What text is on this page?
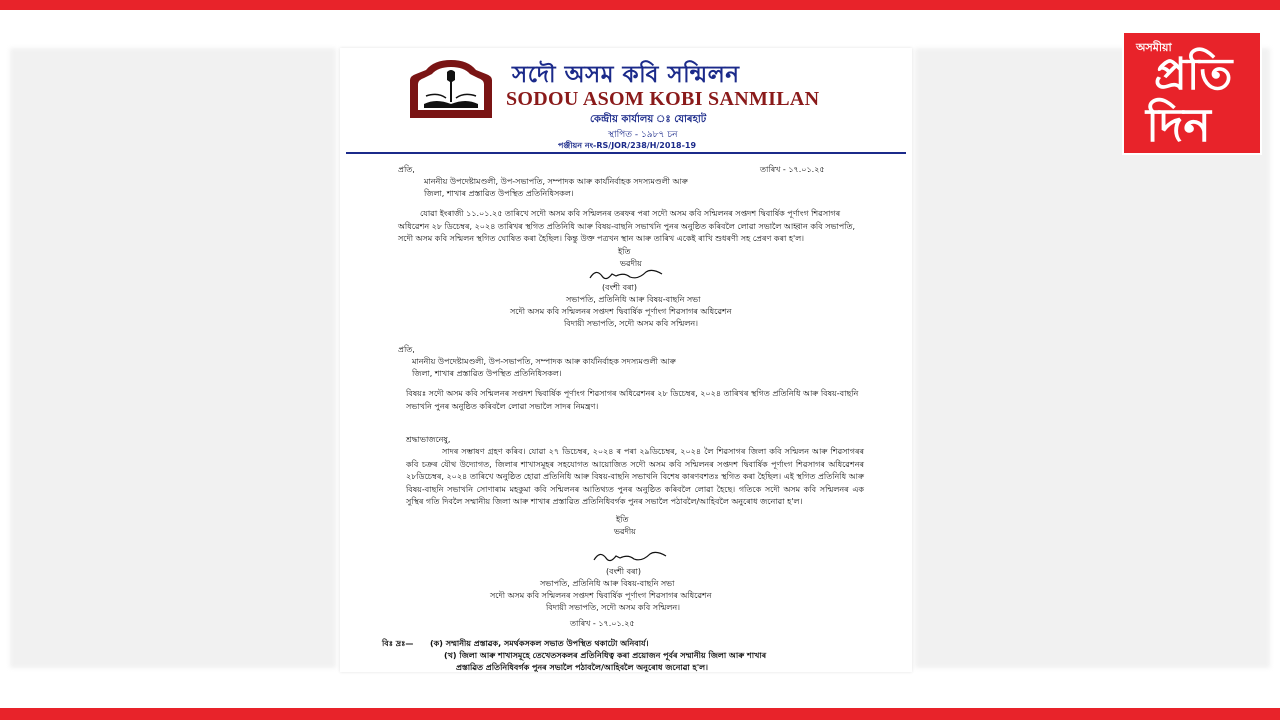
সদৌ অসম কবি সন্মিলন
SODOU ASOM KOBI SANMILAN
কেন্দ্ৰীয় কাৰ্যালয় ঃ যোৰহাট
স্থাপিত - ১৯৮৭ চন
পঞ্জীয়ন নং-RS/JOR/238/H/2018-19
প্ৰতি,	তাৰিখ - ১৭.০১.২৫
মাননীয় উপদেষ্টামণ্ডলী, উপ-সভাপতি, সম্পাদক আৰু কাৰ্যনিৰ্বাহক সদস্যমণ্ডলী আৰু
জিলা, শাখাৰ প্ৰস্তাৱিত উপস্থিত প্ৰতিনিধিসকল।
যোৱা ইংৰাজী ১১.০১.২৫ তাৰিখে সদৌ অসম কবি সন্মিলনৰ তৰফৰ পৰা সদৌ অসম কবি সন্মিলনৰ সপ্তদশ দ্বিবাৰ্ষিক পূৰ্ণাংগ শিৱসাগৰ অধিৱেশন ২৮ ডিচেম্বৰ, ২০২৪ তাৰিখৰ স্থগিত প্ৰতিনিধি আৰু বিষয়-বাছনি সভাখনি পুনৰ অনুষ্ঠিত কৰিবলৈ লোৱা সভালৈ আহ্বান কবি সভাপতি, সদৌ অসম কবি সন্মিলন স্থগিত ঘোষিত কৰা হৈছিল। কিন্তু উক্ত পত্ৰখন স্থান আৰু তাৰিখ একেই ৰাখি শুধৰণী সহ প্ৰেৰণ কৰা হ'ল।
ইতি
ভৱদীয়
(বংশী বৰা)
সভাপতি, প্ৰতিনিধি আৰু বিষয়-বাছনি সভা
সদৌ অসম কবি সন্মিলনৰ সপ্তদশ দ্বিবাৰ্ষিক পূৰ্ণাংগ শিৱসাগৰ অধিৱেশন
বিদায়ী সভাপতি, সদৌ অসম কবি সন্মিলন।
প্ৰতি,
মাননীয় উপদেষ্টামণ্ডলী, উপ-সভাপতি, সম্পাদক আৰু কাৰ্যনিৰ্বাহক সদস্যমণ্ডলী আৰু
জিলা, শাখাৰ প্ৰস্তাৱিত উপস্থিত প্ৰতিনিধিসকল।
বিষয়ঃ সদৌ অসম কবি সন্মিলনৰ সপ্তদশ দ্বিবাৰ্ষিক পূৰ্ণাংগ শিৱসাগৰ অধিৱেশনৰ ২৮ ডিচেম্বৰ, ২০২৪ তাৰিখৰ স্থগিত প্ৰতিনিধি আৰু বিষয়-বাছনি সভাখনি পুনৰ অনুষ্ঠিত কৰিবলৈ লোৱা সভালৈ সাদৰ নিমন্ত্ৰণ।
শ্ৰদ্ধাভাজনেষু,
সাদৰ সম্ভাষণ গ্ৰহণ কৰিব। যোৱা ২৭ ডিচেম্বৰ, ২০২৪ ৰ পৰা ২৯ডিচেম্বৰ, ২০২৪ লৈ শিৱসাগৰ জিলা কবি সন্মিলন আৰু শিৱসাগৰৰ কবি চক্ৰৰ যৌথ উদ্যোগত, জিলাৰ শাখাসমূহৰ সহযোগত আয়োজিত সদৌ অসম কবি সন্মিলনৰ সপ্তদশ দ্বিবাৰ্ষিক পূৰ্ণাংগ শিৱসাগৰ অধিৱেশনৰ ২৮ডিচেম্বৰ, ২০২৪ তাৰিখে অনুষ্ঠিত হোৱা প্ৰতিনিধি আৰু বিষয়-বাছনি সভাখনি বিশেষ কাৰণবশতঃ স্থগিত কৰা হৈছিল। এই স্থগিত প্ৰতিনিধি আৰু বিষয়-বাছনি সভাখনি সোণাৰাম মহকুমা কবি সন্মিলনৰ আতিথ্যত পুনৰ অনুষ্ঠিত কৰিবলৈ লোৱা হৈছে। গতিকে সদৌ অসম কবি সন্মিলনৰ এক সুস্থিৰ গতি দিবলৈ সম্মানীয় জিলা আৰু শাখাৰ প্ৰস্তাৱিত প্ৰতিনিধিবৰ্গক পুনৰ সভালৈ পঠাবলৈ/আহিবলৈ অনুৰোধ জনোৱা হ'ল।
ইতি
ভৱদীয়
(বংশী বৰা)
সভাপতি, প্ৰতিনিধি আৰু বিষয়-বাছনি সভা
সদৌ অসম কবি সন্মিলনৰ সপ্তদশ দ্বিবাৰ্ষিক পূৰ্ণাংগ শিৱসাগৰ অধিৱেশন
বিদায়ী সভাপতি, সদৌ অসম কবি সন্মিলন।
তাৰিখ - ১৭.০১.২৫
বিঃ দ্ৰঃ— (ক) সম্মানীয় প্ৰস্তাৱক, সমৰ্থকসকল সভাত উপস্থিত থকাটো অনিবাৰ্য।
(খ) জিলা আৰু শাখাসমূহে তেখেতসকলৰ প্ৰতিনিধিত্ব কৰা প্ৰয়োজন পূৰ্বৰ সম্মানীয় জিলা আৰু শাখাৰ
প্ৰস্তাৱিত প্ৰতিনিধিবৰ্গক পুনৰ সভালৈ পঠাবলৈ/আহিবলৈ অনুৰোধ জনোৱা হ'ল।
অসমীয়া
প্ৰতি
দিন
